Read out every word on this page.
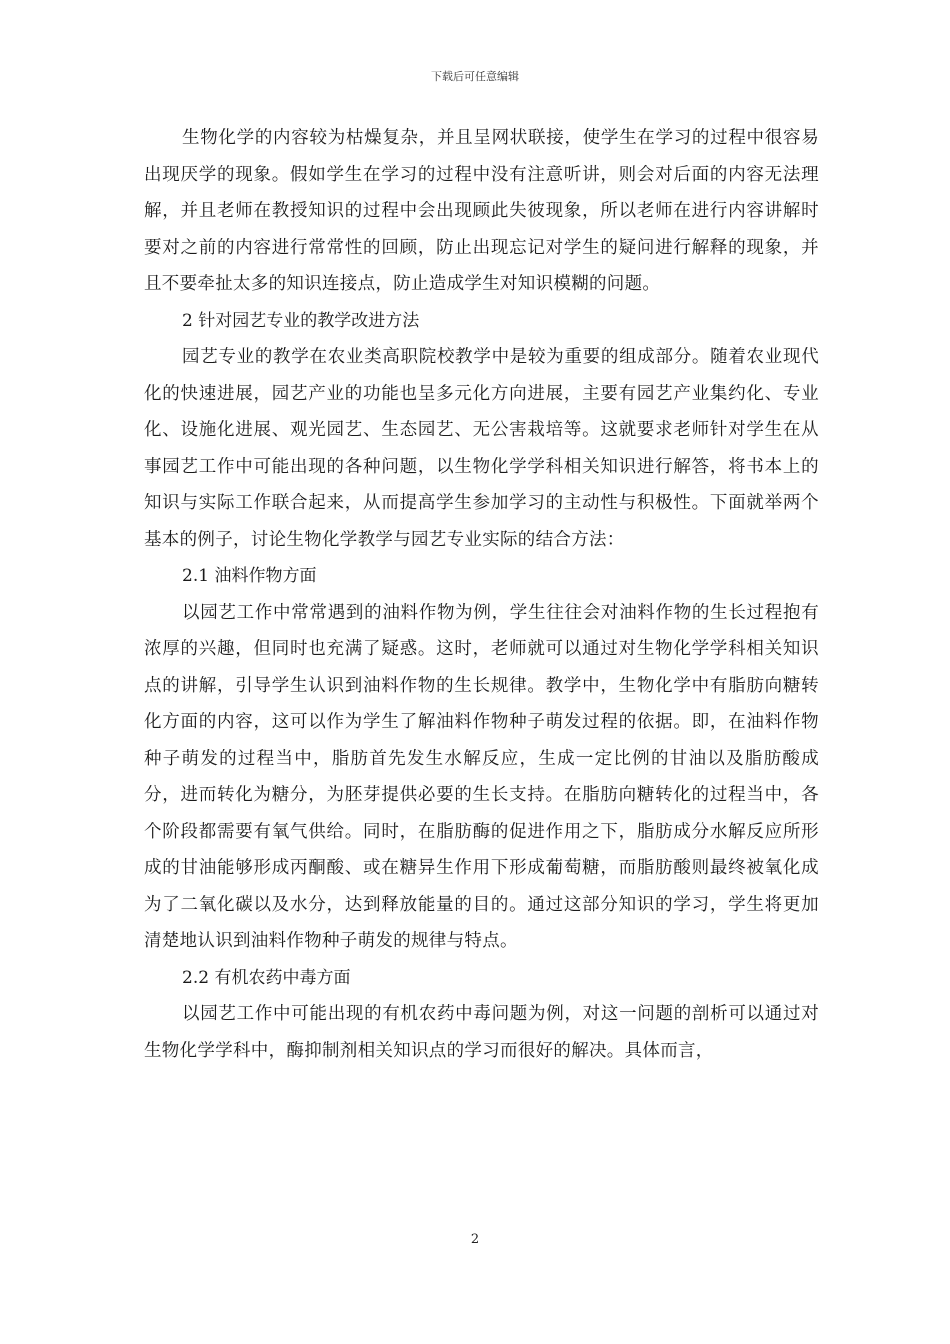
下载后可任意编辑

生物化学的内容较为枯燥复杂，并且呈网状联接，使学生在学习的过程中很容易出现厌学的现象。假如学生在学习的过程中没有注意听讲，则会对后面的内容无法理解，并且老师在教授知识的过程中会出现顾此失彼现象，所以老师在进行内容讲解时要对之前的内容进行常常性的回顾，防止出现忘记对学生的疑问进行解释的现象，并且不要牵扯太多的知识连接点，防止造成学生对知识模糊的问题。

2 针对园艺专业的教学改进方法

园艺专业的教学在农业类高职院校教学中是较为重要的组成部分。随着农业现代化的快速进展，园艺产业的功能也呈多元化方向进展，主要有园艺产业集约化、专业化、设施化进展、观光园艺、生态园艺、无公害栽培等。这就要求老师针对学生在从事园艺工作中可能出现的各种问题，以生物化学学科相关知识进行解答，将书本上的知识与实际工作联合起来，从而提高学生参加学习的主动性与积极性。下面就举两个基本的例子，讨论生物化学教学与园艺专业实际的结合方法：

2.1 油料作物方面

以园艺工作中常常遇到的油料作物为例，学生往往会对油料作物的生长过程抱有浓厚的兴趣，但同时也充满了疑惑。这时，老师就可以通过对生物化学学科相关知识点的讲解，引导学生认识到油料作物的生长规律。教学中，生物化学中有脂肪向糖转化方面的内容，这可以作为学生了解油料作物种子萌发过程的依据。即，在油料作物种子萌发的过程当中，脂肪首先发生水解反应，生成一定比例的甘油以及脂肪酸成分，进而转化为糖分，为胚芽提供必要的生长支持。在脂肪向糖转化的过程当中，各个阶段都需要有氧气供给。同时，在脂肪酶的促进作用之下，脂肪成分水解反应所形成的甘油能够形成丙酮酸、或在糖异生作用下形成葡萄糖，而脂肪酸则最终被氧化成为了二氧化碳以及水分，达到释放能量的目的。通过这部分知识的学习，学生将更加清楚地认识到油料作物种子萌发的规律与特点。

2.2 有机农药中毒方面

以园艺工作中可能出现的有机农药中毒问题为例，对这一问题的剖析可以通过对生物化学学科中，酶抑制剂相关知识点的学习而很好的解决。具体而言，

2
